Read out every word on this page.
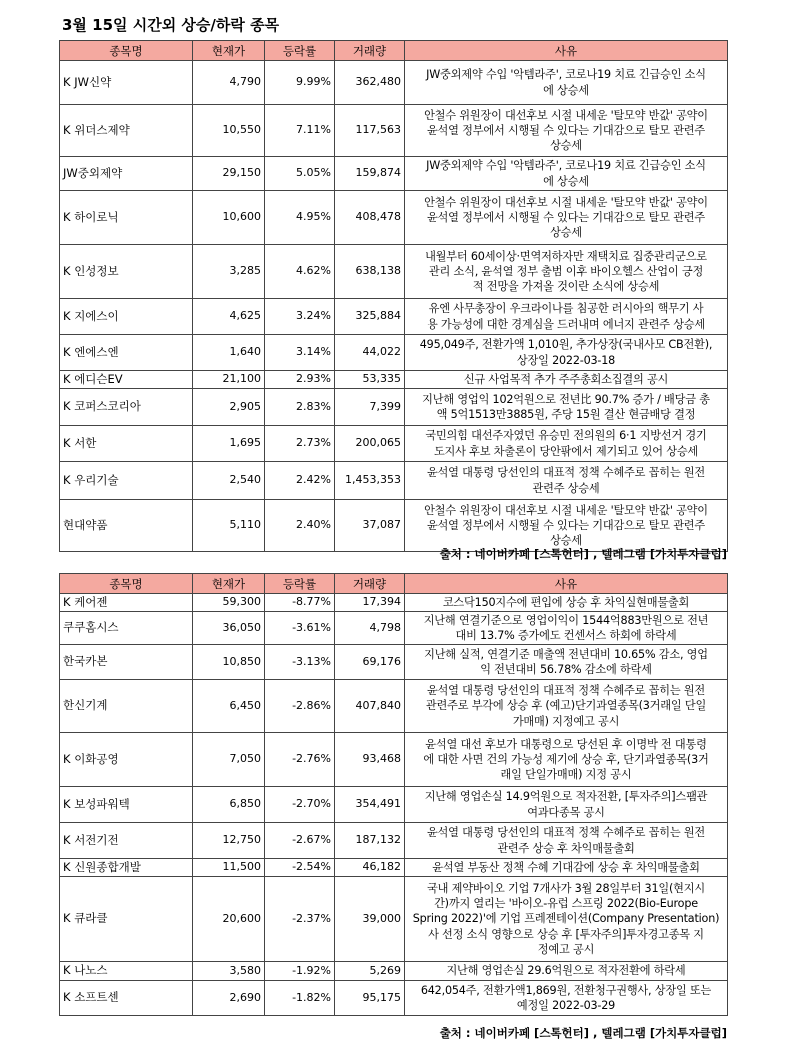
3월 15일 시간외 상승/하락 종목
종목명	현재가	등락률	거래량	사유
K JW신약	4,790	9.99%	362,480	JW중외제약 수입 '악템라주', 코로나19 치료 긴급승인 소식
에 상승세

K 위더스제약	10,550	7.11%	117,563	안철수 위원장이 대선후보 시절 내세운 '탈모약 반값' 공약이
윤석열 정부에서 시행될 수 있다는 기대감으로 탈모 관련주
상승세

JW중외제약	29,150	5.05%	159,874	JW중외제약 수입 '악템라주', 코로나19 치료 긴급승인 소식
에 상승세

K 하이로닉	10,600	4.95%	408,478	안철수 위원장이 대선후보 시절 내세운 '탈모약 반값' 공약이
윤석열 정부에서 시행될 수 있다는 기대감으로 탈모 관련주
상승세

K 인성정보	3,285	4.62%	638,138	내월부터 60세이상·면역저하자만 재택치료 집중관리군으로
관리 소식, 윤석열 정부 출범 이후 바이오헬스 산업이 긍정
적 전망을 가져올 것이란 소식에 상승세

K 지에스이	4,625	3.24%	325,884	유엔 사무총장이 우크라이나를 침공한 러시아의 핵무기 사
용 가능성에 대한 경계심을 드러내며 에너지 관련주 상승세

K 엔에스엔	1,640	3.14%	44,022	495,049주, 전환가액 1,010원, 추가상장(국내사모 CB전환),
상장일 2022-03-18

K 에디슨EV	21,100	2.93%	53,335	신규 사업목적 추가 주주총회소집결의 공시

K 코퍼스코리아	2,905	2.83%	7,399	지난해 영업익 102억원으로 전년比 90.7% 증가 / 배당금 총
액 5억1513만3885원, 주당 15원 결산 현금배당 결정

K 서한	1,695	2.73%	200,065	국민의힘 대선주자였던 유승민 전의원의 6·1 지방선거 경기
도지사 후보 차출론이 당안팎에서 제기되고 있어 상승세

K 우리기술	2,540	2.42%	1,453,353	윤석열 대통령 당선인의 대표적 정책 수혜주로 꼽히는 원전
관련주 상승세

현대약품	5,110	2.40%	37,087	안철수 위원장이 대선후보 시절 내세운 '탈모약 반값' 공약이
윤석열 정부에서 시행될 수 있다는 기대감으로 탈모 관련주
상승세
출처 : 네이버카페 [스톡헌터] , 텔레그램 [가치투자클럽]
종목명	현재가	등락률	거래량	사유
K 케어젠	59,300	-8.77%	17,394	코스닥150지수에 편입에 상승 후 차익실현매물출회

쿠쿠홈시스	36,050	-3.61%	4,798	지난해 연결기준으로 영업이익이 1544억883만원으로 전년
대비 13.7% 증가에도 컨센서스 하회에 하락세

한국카본	10,850	-3.13%	69,176	지난해 실적, 연결기준 매출액 전년대비 10.65% 감소, 영업
익 전년대비 56.78% 감소에 하락세

한신기계	6,450	-2.86%	407,840	윤석열 대통령 당선인의 대표적 정책 수혜주로 꼽히는 원전
관련주로 부각에 상승 후 (예고)단기과열종목(3거래일 단일
가매매) 지정예고 공시

K 이화공영	7,050	-2.76%	93,468	윤석열 대선 후보가 대통령으로 당선된 후 이명박 전 대통령
에 대한 사면 건의 가능성 제기에 상승 후, 단기과열종목(3거
래일 단일가매매) 지정 공시

K 보성파워텍	6,850	-2.70%	354,491	지난해 영업손실 14.9억원으로 적자전환, [투자주의]스팸관
여과다종목 공시

K 서전기전	12,750	-2.67%	187,132	윤석열 대통령 당선인의 대표적 정책 수혜주로 꼽히는 원전
관련주 상승 후 차익매물출회

K 신원종합개발	11,500	-2.54%	46,182	윤석열 부동산 정책 수혜 기대감에 상승 후 차익매물출회

K 큐라클	20,600	-2.37%	39,000	국내 제약바이오 기업 7개사가 3월 28일부터 31일(현지시
간)까지 열리는 '바이오-유럽 스프링 2022(Bio-Europe
Spring 2022)'에 기업 프레젠테이션(Company Presentation)
사 선정 소식 영향으로 상승 후 [투자주의]투자경고종목 지
정예고 공시

K 나노스	3,580	-1.92%	5,269	지난해 영업손실 29.6억원으로 적자전환에 하락세

K 소프트센	2,690	-1.82%	95,175	642,054주, 전환가액1,869원, 전환청구권행사, 상장일 또는
예정일 2022-03-29
출처 : 네이버카페 [스톡헌터] , 텔레그램 [가치투자클럽]
